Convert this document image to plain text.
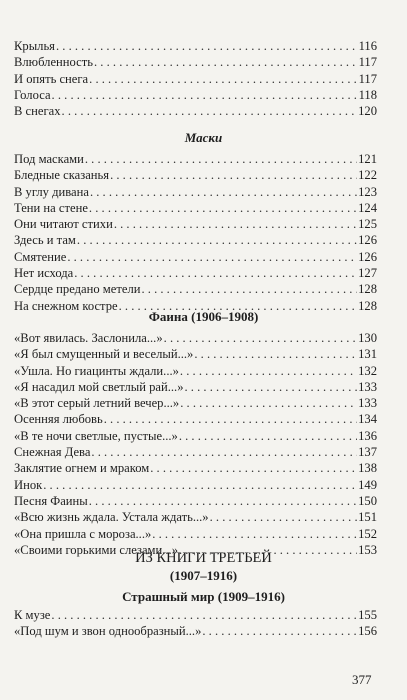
Крылья . . .	116
Влюбленность . . .	117
И опять снега . . .	117
Голоса . . .	118
В снегах . . .	120
Маски
Под масками . . .	121
Бледные сказанья . . .	122
В углу дивана . . .	123
Тени на стене . . .	124
Они читают стихи . . .	125
Здесь и там . . .	126
Смятение . . .	126
Нет исхода . . .	127
Сердце предано метели . . .	128
На снежном костре . . .	128
Фаина (1906–1908)
«Вот явилась. Заслонила...» . . .	130
«Я был смущенный и веселый...» . . .	131
«Ушла. Но гиацинты ждали...» . . .	132
«Я насадил мой светлый рай...» . . .	133
«В этот серый летний вечер...» . . .	133
Осенняя любовь . . .	134
«В те ночи светлые, пустые...» . . .	136
Снежная Дева . . .	137
Заклятие огнем и мраком . . .	138
Инок . . .	149
Песня Фаины . . .	150
«Всю жизнь ждала. Устала ждать...» . . .	151
«Она пришла с мороза...» . . .	152
«Своими горькими слезами...» . . .	153
ИЗ КНИГИ ТРЕТЬЕЙ
(1907–1916)
Страшный мир (1909–1916)
К музе . . .	155
«Под шум и звон однообразный...» . . .	156
377
